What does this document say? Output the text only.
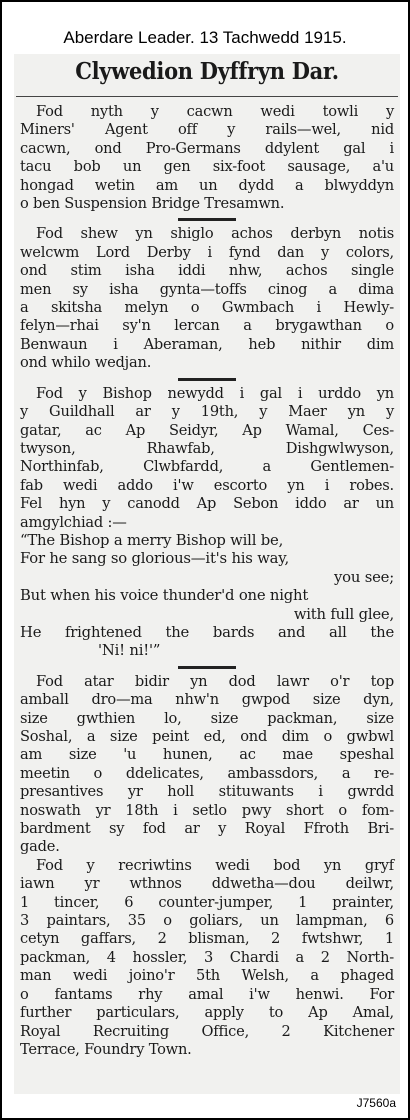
Aberdare Leader. 13 Tachwedd 1915.
Clywedion Dyffryn Dar.
Fod nyth y cacwn wedi towli y
Miners' Agent off y rails—wel, nid
cacwn, ond Pro-Germans ddylent gal i
tacu bob un gen six-foot sausage, a'u
hongad wetin am un dydd a blwyddyn
o ben Suspension Bridge Tresamwn.
Fod shew yn shiglo achos derbyn notis
welcwm Lord Derby i fynd dan y colors,
ond stim isha iddi nhw, achos single
men sy isha gynta—toffs cinog a dima
a skitsha melyn o Gwmbach i Hewly-
felyn—rhai sy'n lercan a brygawthan o
Benwaun i Aberaman, heb nithir dim
ond whilo wedjan.
Fod y Bishop newydd i gal i urddo yn
y Guildhall ar y 19th, y Maer yn y
gatar, ac Ap Seidyr, Ap Wamal, Ces-
twyson, Rhawfab, Dishgwlwyson,
Northinfab, Clwbfardd, a Gentlemen-
fab wedi addo i'w escorto yn i robes.
Fel hyn y canodd Ap Sebon iddo ar un
amgylchiad :—
“The Bishop a merry Bishop will be,
For he sang so glorious—it's his way,
you see;
But when his voice thunder'd one night
with full glee,
He frightened the bards and all the
'Ni! ni!'”
Fod atar bidir yn dod lawr o'r top
amball dro—ma nhw'n gwpod size dyn,
size gwthien lo, size packman, size
Soshal, a size peint ed, ond dim o gwbwl
am size 'u hunen, ac mae speshal
meetin o ddelicates, ambassdors, a re-
presantives yr holl stituwants i gwrdd
noswath yr 18th i setlo pwy short o fom-
bardment sy fod ar y Royal Ffroth Bri-
gade.
Fod y recriwtins wedi bod yn gryf
iawn yr wthnos ddwetha—dou deilwr,
1 tincer, 6 counter-jumper, 1 prainter,
3 paintars, 35 o goliars, un lampman, 6
cetyn gaffars, 2 blisman, 2 fwtshwr, 1
packman, 4 hossler, 3 Chardi a 2 North-
man wedi joino'r 5th Welsh, a phaged
o fantams rhy amal i'w henwi. For
further particulars, apply to Ap Amal,
Royal Recruiting Office, 2 Kitchener
Terrace, Foundry Town.
J7560a
